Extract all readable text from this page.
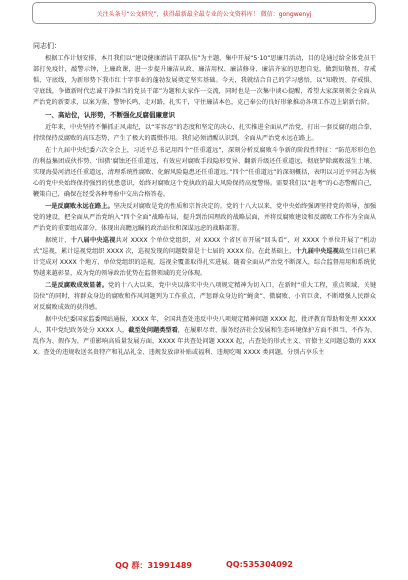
关注头条号“公文研究”，获得最新最全最专业的公文资料库！ 微信：gongwenyj

同志们：

根据工作计划安排，本月我们以“建设健康清洁干部队伍”为主题，集中开展“5·10”思廉月活动，目的是通过给全体党员干部打免疫针，敲警示钟，上廉政课，进一步提升廉洁从政、廉洁用权、廉洁修身、廉洁齐家的思想自觉，做到知敬畏、存戒惧、守底线，为新形势下我市红十字事业的蓬勃发展奠定坚实基础。今天，我就结合自己的学习感悟，以“知敬畏、存戒惧、守底线，争做新时代忠诚干净担当的党员干部”为题和大家作一交流，同时也是一次集中谈心提醒，希望大家深刻领会全面从严治党的新要求，以案为鉴，警钟长鸣，走对路，扎实干，守住廉洁本色，克己奉公的良好形象推动各项工作迈上崭新台阶。

一、高站位，认形势，不断强化反腐倡廉意识

近年来，中央坚持不懈抓正风肃纪，以“零容忍”的态度和坚定的决心，扎实推进全面从严治党，打出一套反腐的组合拳，持续保持反腐败的高压态势，产生了极大的震慑作用。我们必须清醒认识到，全面从严治党永远在路上。

在十九届中央纪委六次全会上，习近平总书记用四个“任重道远”，深刻分析反腐败斗争新的阶段性特征：“防范形形色色的利益集团成伙作势、‘围猎’腐蚀还任重道远，有效应对腐败手段隐形变异、翻新升级还任重道远，彻底铲除腐败滋生土壤、实现海晏河清还任重道远，清理系统性腐败、化解风险隐患还任重道远。”四个“任重道远”的深刻概括，表明以习近平同志为核心的党中央始终保持强烈的忧患意识，始终对腐败这个党执政的最大风险保持高度警惕。需要我们以“赶考”的心态警醒自己，鞭策自己，确保在经受各种考验中交出合格答卷。

一是反腐败永远在路上。坚决反对腐败是党的性质和宗旨决定的。党的十八大以来，党中央始终强调坚持党的领导，加强党的建设，把全面从严治党纳入“四个全面”战略布局，提升到治国理政的战略层面，并将反腐败建设和反腐败工作作为全面从严治党的重要组成部分，体现出高瞻远瞩的政治站位和深谋远虑的战略部署。

据统计，十八届中央巡视共对 XXXX 个单位党组织，对 XXXX 个省区市开展“回头看”，对 XXXX 个单位开展了“机动式”巡视，累计巡视党组织 XXXX 次，巡视发现的问题数量是十七届的 XXXX 倍。在此基础上，十九届中央巡视截至目前已累计完成对 XXXX 个地方、单位党组织的巡视，巡视全覆盖取得扎实进展。随着全面从严治党不断深入，综合监督用用和系统优势越来越彰显，成为党的领导政治优势在监督领域的充分体现。

二是反腐败成效显著。党的十八大以来，党中央以落实中央八项规定精神为切入口，在新时“重大工程，重点领域、关键岗位”的同时，将群众身边的腐败和作风问题列为工作重点，严惩群众身边的“蝇贪”、微腐败、小官巨贪，不断增强人民群众对反腐败成效的获得感。

据中央纪委国家监委网站通报，XXXX 年，全国共查处违反中央八项规定精神问题 XXXX 起，批评教育帮助和处理 XXXX 人，其中党纪政务处分 XXXX 人，截至处问题类型看，在履职尽责、服务经济社会发展和生态环境保护方面不担当、不作为、乱作为、假作为，严重影响高质量发展方面，XXXX 年共查处问题 XXXX 起，占查处的形式主义、官僚主义问题总数的 XXXX。查处的违规收送名贵特产和礼品礼金、违规发放津补贴或福利、违规吃喝 XXXX 类问题，分别占享乐主

QQ 群：31991489	QQ:535304092
